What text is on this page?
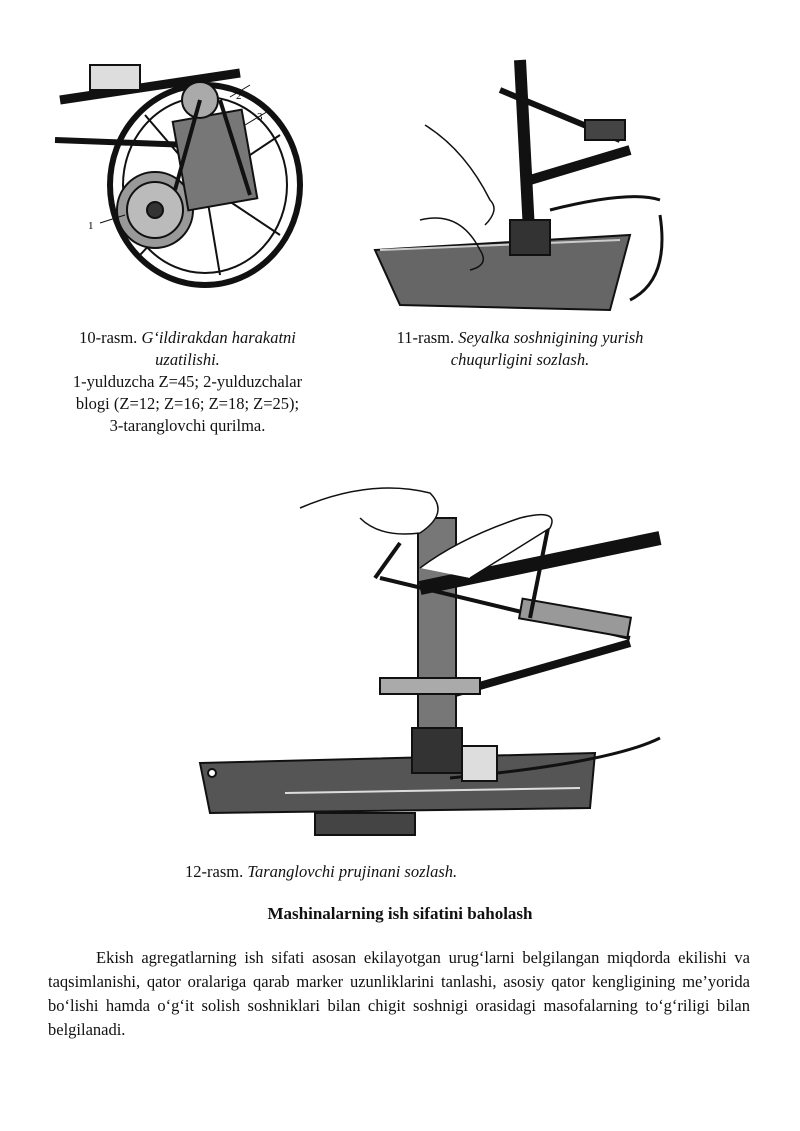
2
3
1
10-rasm. G‘ildirakdan harakatni uzatilishi.
1-yulduzcha Z=45; 2-yulduzchalar
blogi (Z=12; Z=16; Z=18; Z=25);
3-taranglovchi qurilma.
11-rasm. Seyalka soshnigining yurish chuqurligini sozlash.
12-rasm. Taranglovchi prujinani sozlash.
Mashinalarning ish sifatini baholash

Ekish agregatlarning ish sifati asosan ekilayotgan urug‘larni belgilangan miqdorda ekilishi va taqsimlanishi, qator oralariga qarab marker uzunliklarini tanlashi, asosiy qator kengligining me’yorida bo‘lishi hamda o‘g‘it solish soshniklari bilan chigit soshnigi orasidagi masofalarning to‘g‘riligi bilan belgilanadi.
